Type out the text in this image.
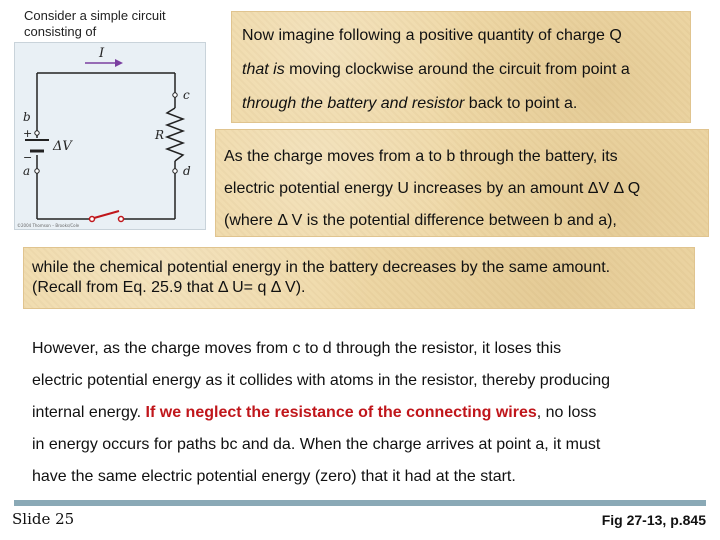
Consider a simple circuit
consisting of
I
b
+
−
a
ΔV
c
R
d
©2004 Thomson – Brooks/Cole

Now imagine following a positive quantity of charge Q

that is moving clockwise around the circuit from point a

through the battery and resistor back to point a.

As the charge moves from a to b through the battery, its

electric potential energy U increases by an amount ΔV Δ Q

(where Δ V is the potential difference between b and a),

while the chemical potential energy in the battery decreases by the same amount.

(Recall from Eq. 25.9 that Δ U= q Δ V).

However, as the charge moves from c to d through the resistor, it loses this
electric potential energy as it collides with atoms in the resistor, thereby producing
internal energy. If we neglect the resistance of the connecting wires, no loss
in energy occurs for paths bc and da. When the charge arrives at point a, it must
have the same electric potential energy (zero) that it had at the start.
Slide 25	Fig 27-13, p.845
